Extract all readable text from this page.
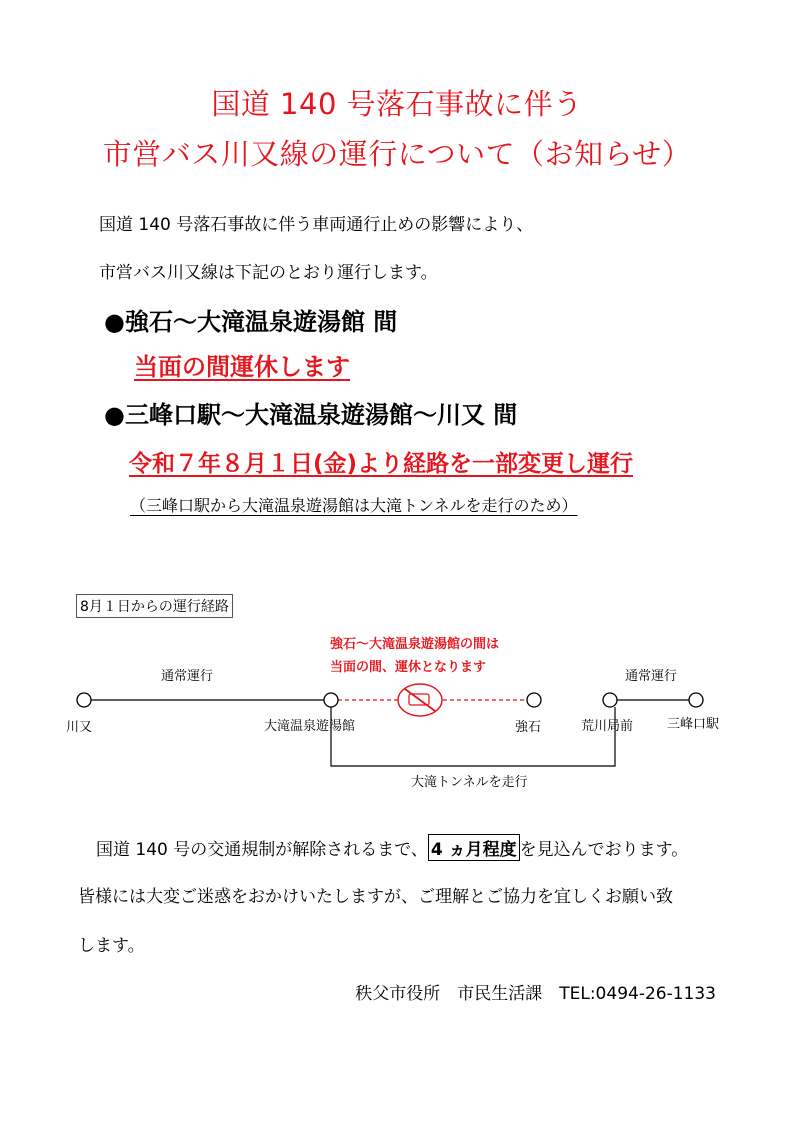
国道 140 号落石事故に伴う
市営バス川又線の運行について（お知らせ）
国道 140 号落石事故に伴う車両通行止めの影響により、
市営バス川又線は下記のとおり運行します。
●強石～大滝温泉遊湯館 間
当面の間運休します
●三峰口駅～大滝温泉遊湯館～川又 間
令和７年８月１日(金)より経路を一部変更し運行
（三峰口駅から大滝温泉遊湯館は大滝トンネルを走行のため）
8月１日からの運行経路
強石～大滝温泉遊湯館の間は
当面の間、運休となります
通常運行	通常運行
川又	大滝温泉遊湯館	強石	荒川局前	三峰口駅
大滝トンネルを走行
国道 140 号の交通規制が解除されるまで、 4 ヵ月程度 を見込んでおります。
皆様には大変ご迷惑をおかけいたしますが、ご理解とご協力を宜しくお願い致
します。
秩父市役所　市民生活課　TEL:0494-26-1133
